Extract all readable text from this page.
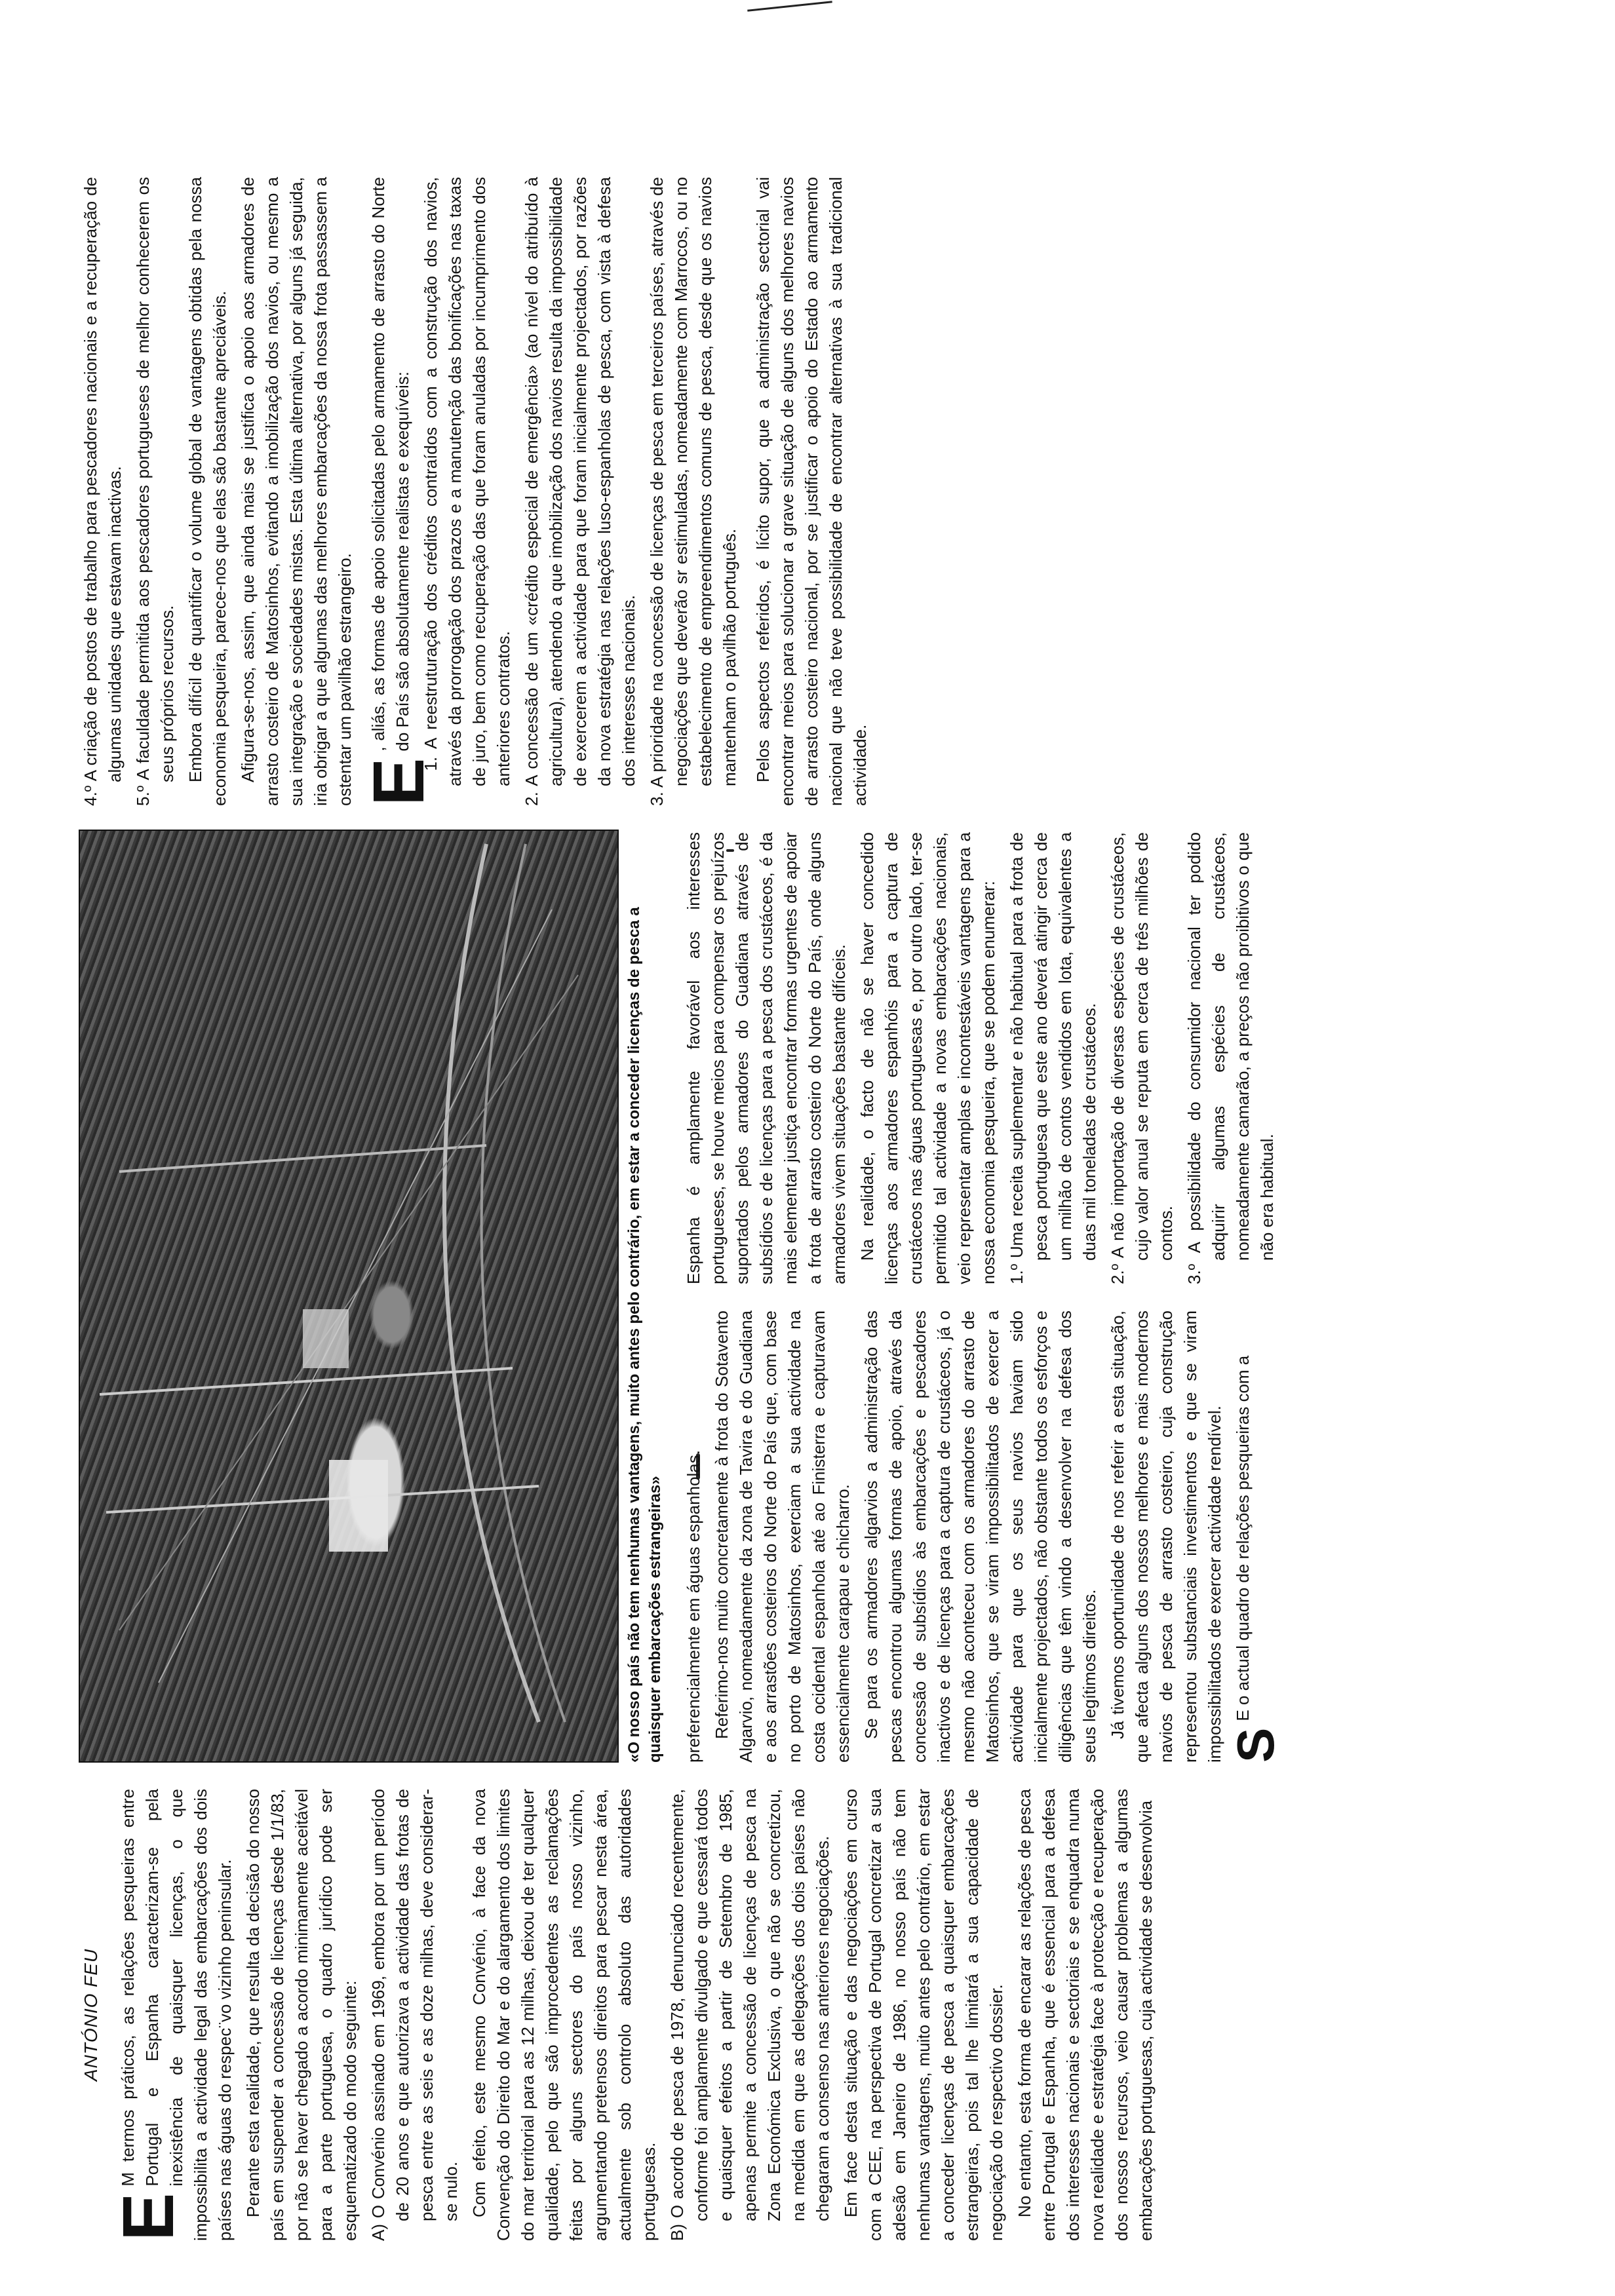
ANTÓNIO FEU

E
M termos práticos, as relações pesqueiras entre Portugal e Espanha caracterizam-se pela inexistência de quaisquer licenças, o que impossibilita a actividade legal das embarcações dos dois países nas águas do respec¨vo vizinho peninsular. Perante esta realidade, que resulta da decisão do nosso país em suspender a concessão de licenças desde 1/1/83, por não se haver chegado a acordo minimamente aceitável para a parte portuguesa, o quadro jurídico pode ser esquematizado do modo seguinte: A) O Convénio assinado em 1969, embora por um período de 20 anos e que autorizava a actividade das frotas de pesca entre as seis e as doze milhas, deve considerar-se nulo. Com efeito, este mesmo Convénio, à face da nova Convenção do Direito do Mar e do alargamento dos limites do mar territorial para as 12 milhas, deixou de ter qualquer qualidade, pelo que são improcedentes as reclamações feitas por alguns sectores do país nosso vizinho, argumentando pretensos direitos para pescar nesta área, actualmente sob controlo absoluto das autoridades portuguesas. B) O acordo de pesca de 1978, denunciado recentemente, conforme foi amplamente divulgado e que cessará todos e quaisquer efeitos a partir de Setembro de 1985, apenas permite a concessão de licenças de pesca na Zona Económica Exclusiva, o que não se concretizou, na medida em que as delegações dos dois países não chegaram a consenso nas anteriores negociações. Em face desta situação e das negociações em curso com a CEE, na perspectiva de Portugal concretizar a sua adesão em Janeiro de 1986, no nosso país não tem nenhumas vantagens, muito antes pelo contrário, em estar a conceder licenças de pesca a quaisquer embarcações estrangeiras, pois tal lhe limitará a sua capacidade de negociação do respectivo dossier. No entanto, esta forma de encarar as relações de pesca entre Portugal e Espanha, que é essencial para a defesa dos interesses nacionais e sectoriais e se enquadra numa nova realidade e estratégia face à protecção e recuperação dos nossos recursos, veio causar problemas a algumas embarcações portuguesas, cuja actividade se desenvolvia

«O nosso país não tem nenhumas vantagens, muito antes pelo contrário, em estar a conceder licenças de pesca a quaisquer embarcações estrangeiras» preferencialmente em águas espanholas. Referimo-nos muito concretamente à frota do Sotavento Algarvio, nomeadamente da zona de Tavira e do Guadiana e aos arrastões costeiros do Norte do País que, com base no porto de Matosinhos, exerciam a sua actividade na costa ocidental espanhola até ao Finisterra e capturavam essencialmente carapau e chicharro. Se para os armadores algarvios a administração das pescas encontrou algumas formas de apoio, através da concessão de subsídios às embarcações e pescadores inactivos e de licenças para a captura de crustáceos, já o mesmo não aconteceu com os armadores do arrasto de Matosinhos, que se viram impossibilitados de exercer a actividade para que os seus navios haviam sido inicialmente projectados, não obstante todos os esforços e diligências que têm vindo a desenvolver na defesa dos seus legítimos direitos. Já tivemos oportunidade de nos referir a esta situação, que afecta alguns dos nossos melhores e mais modernos navios de pesca de arrasto costeiro, cuja construção representou substanciais investimentos e que se viram impossibilitados de exercer actividade rendível. S
E o actual quadro de relações pesqueiras com a

Espanha é amplamente favorável aos interesses portugueses, se houve meios para compensar os prejuízos suportados pelos armadores do Guadiana através de subsídios e de licenças para a pesca dos crustáceos, é da mais elementar justiça encontrar formas urgentes de apoiar a frota de arrasto costeiro do Norte do País, onde alguns armadores vivem situações bastante difíceis. Na realidade, o facto de não se haver concedido licenças aos armadores espanhóis para a captura de crustáceos nas águas portuguesas e, por outro lado, ter-se permitido tal actividade a novas embarcações nacionais, veio representar amplas e incontestáveis vantagens para a nossa economia pesqueira, que se podem enumerar: 1.º Uma receita suplementar e não habitual para a frota de pesca portuguesa que este ano deverá atingir cerca de um milhão de contos vendidos em lota, equivalentes a duas mil toneladas de crustáceos. 2.º A não importação de diversas espécies de crustáceos, cujo valor anual se reputa em cerca de três milhões de contos. 3.º A possibilidade do consumidor nacional ter podido adquirir algumas espécies de crustáceos, nomeadamente camarão, a preços não proibitivos o que não era habitual.

4.º A criação de postos de trabalho para pescadores nacionais e a recuperação de algumas unidades que estavam inactivas. 5.º A faculdade permitida aos pescadores portugueses de melhor conhecerem os seus próprios recursos. Embora difícil de quantificar o volume global de vantagens obtidas pela nossa economia pesqueira, parece-nos que elas são bastante apreciáveis. Afigura-se-nos, assim, que ainda mais se justifica o apoio aos armadores de arrasto costeiro de Matosinhos, evitando a imobilização dos navios, ou mesmo a sua integração e sociedades mistas. Esta última alternativa, por alguns já seguida, iria obrigar a que algumas das melhores embarcações da nossa frota passassem a ostentar um pavilhão estrangeiro. E
, aliás, as formas de apoio solicitadas pelo armamento de arrasto do Norte do País são absolutamente realistas e exequíveis: 1. A reestruturação dos créditos contraídos com a construção dos navios, através da prorrogação dos prazos e a manutenção das bonificações nas taxas de juro, bem como recuperação das que foram anuladas por incumprimento dos anteriores contratos. 2. A concessão de um «crédito especial de emergência» (ao nível do atribuído à agricultura), atendendo a que imobilização dos navios resulta da impossibilidade de exercerem a actividade para que foram inicialmente projectados, por razões da nova estratégia nas relações luso-espanholas de pesca, com vista à defesa dos interesses nacionais. 3. A prioridade na concessão de licenças de pesca em terceiros países, através de negociações que deverão sr estimuladas, nomeadamente com Marrocos, ou no estabelecimento de empreendimentos comuns de pesca, desde que os navios mantenham o pavilhão português. Pelos aspectos referidos, é lícito supor, que a administração sectorial vai encontrar meios para solucionar a grave situação de alguns dos melhores navios de arrasto costeiro nacional, por se justificar o apoio do Estado ao armamento nacional que não teve possibilidade de encontrar alternativas à sua tradicional actividade.
